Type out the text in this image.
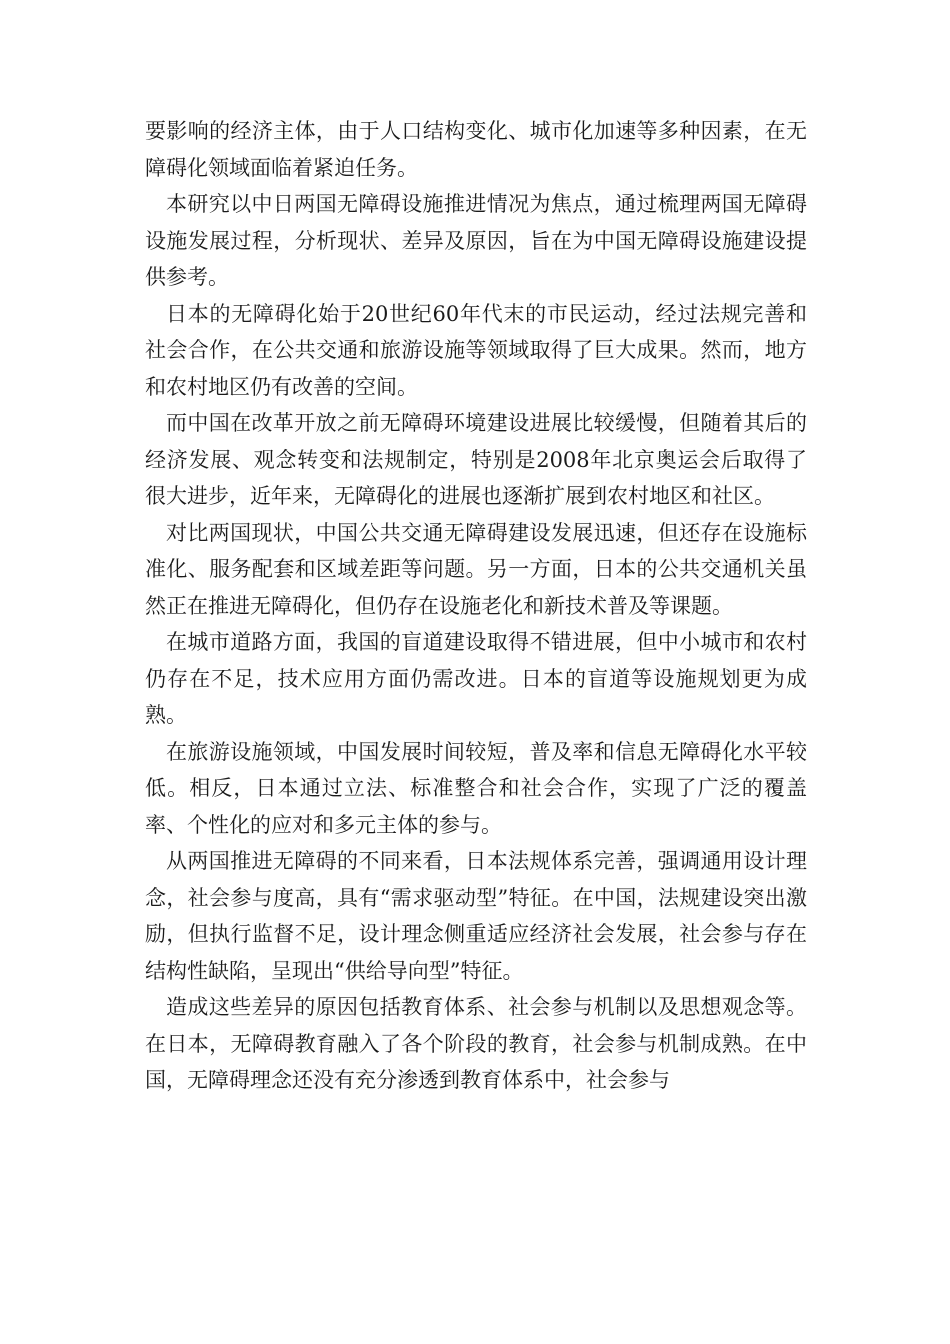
要影响的经济主体，由于人口结构变化、城市化加速等多种因素，在无障碍化领域面临着紧迫任务。

本研究以中日两国无障碍设施推进情况为焦点，通过梳理两国无障碍设施发展过程，分析现状、差异及原因，旨在为中国无障碍设施建设提供参考。

日本的无障碍化始于20世纪60年代末的市民运动，经过法规完善和社会合作，在公共交通和旅游设施等领域取得了巨大成果。然而，地方和农村地区仍有改善的空间。

而中国在改革开放之前无障碍环境建设进展比较缓慢，但随着其后的经济发展、观念转变和法规制定，特别是2008年北京奥运会后取得了很大进步，近年来，无障碍化的进展也逐渐扩展到农村地区和社区。

对比两国现状，中国公共交通无障碍建设发展迅速，但还存在设施标准化、服务配套和区域差距等问题。另一方面，日本的公共交通机关虽然正在推进无障碍化，但仍存在设施老化和新技术普及等课题。

在城市道路方面，我国的盲道建设取得不错进展，但中小城市和农村仍存在不足，技术应用方面仍需改进。日本的盲道等设施规划更为成熟。

在旅游设施领域，中国发展时间较短，普及率和信息无障碍化水平较低。相反，日本通过立法、标准整合和社会合作，实现了广泛的覆盖率、个性化的应对和多元主体的参与。

从两国推进无障碍的不同来看，日本法规体系完善，强调通用设计理念，社会参与度高，具有“需求驱动型”特征。在中国，法规建设突出激励，但执行监督不足，设计理念侧重适应经济社会发展，社会参与存在结构性缺陷，呈现出“供给导向型”特征。

造成这些差异的原因包括教育体系、社会参与机制以及思想观念等。在日本，无障碍教育融入了各个阶段的教育，社会参与机制成熟。在中国，无障碍理念还没有充分渗透到教育体系中，社会参与
